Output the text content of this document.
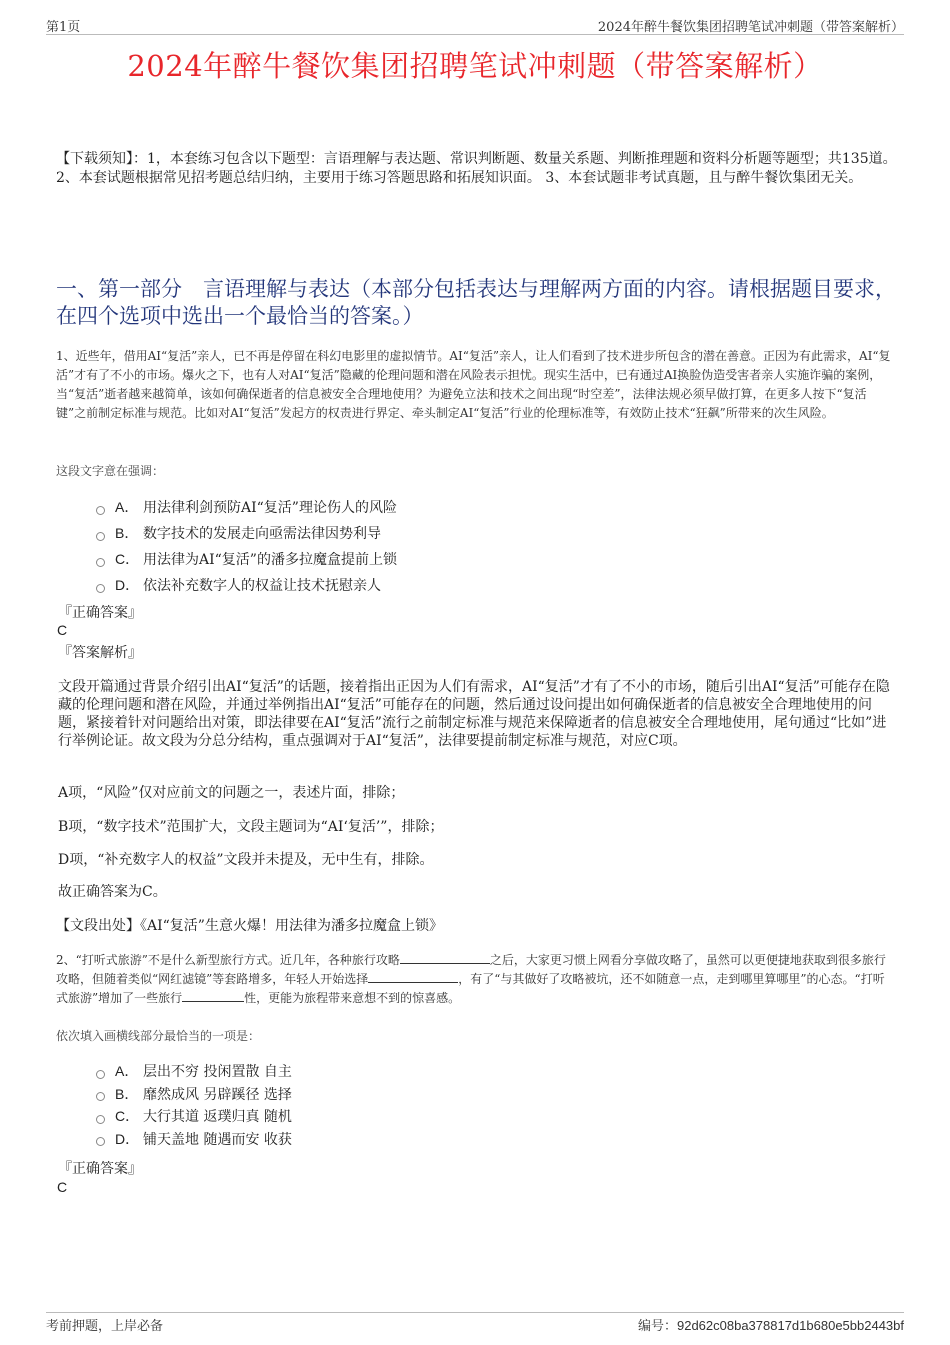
第1页	2024年醉牛餐饮集团招聘笔试冲刺题（带答案解析）
2024年醉牛餐饮集团招聘笔试冲刺题（带答案解析）
【下载须知】：1，本套练习包含以下题型：言语理解与表达题、常识判断题、数量关系题、判断推理题和资料分析题等题型；共135道。 2、本套试题根据常见招考题总结归纳，主要用于练习答题思路和拓展知识面。 3、本套试题非考试真题，且与醉牛餐饮集团无关。
一、第一部分　言语理解与表达（本部分包括表达与理解两方面的内容。请根据题目要求，在四个选项中选出一个最恰当的答案。）
1、近些年，借用AI“复活”亲人，已不再是停留在科幻电影里的虚拟情节。AI“复活”亲人，让人们看到了技术进步所包含的潜在善意。正因为有此需求，AI“复活”才有了不小的市场。爆火之下，也有人对AI“复活”隐藏的伦理问题和潜在风险表示担忧。现实生活中，已有通过AI换脸伪造受害者亲人实施诈骗的案例，当“复活”逝者越来越简单，该如何确保逝者的信息被安全合理地使用？为避免立法和技术之间出现“时空差”，法律法规必须早做打算，在更多人按下“复活键”之前制定标准与规范。比如对AI“复活”发起方的权责进行界定、牵头制定AI“复活”行业的伦理标准等，有效防止技术“狂飙”所带来的次生风险。
这段文字意在强调：
A． 用法律利剑预防AI“复活”理论伤人的风险
B． 数字技术的发展走向亟需法律因势利导
C． 用法律为AI“复活”的潘多拉魔盒提前上锁
D． 依法补充数字人的权益让技术抚慰亲人
『正确答案』
C
『答案解析』
文段开篇通过背景介绍引出AI“复活”的话题，接着指出正因为人们有需求，AI“复活”才有了不小的市场，随后引出AI“复活”可能存在隐藏的伦理问题和潜在风险，并通过举例指出AI“复活”可能存在的问题，然后通过设问提出如何确保逝者的信息被安全合理地使用的问题，紧接着针对问题给出对策，即法律要在AI“复活”流行之前制定标准与规范来保障逝者的信息被安全合理地使用，尾句通过“比如”进行举例论证。故文段为分总分结构，重点强调对于AI“复活”，法律要提前制定标准与规范，对应C项。
A项，“风险”仅对应前文的问题之一，表述片面，排除；
B项，“数字技术”范围扩大，文段主题词为“AI‘复活’”，排除；
D项，“补充数字人的权益”文段并未提及，无中生有，排除。
故正确答案为C。
【文段出处】《AI“复活”生意火爆！用法律为潘多拉魔盒上锁》
2、“打听式旅游”不是什么新型旅行方式。近几年，各种旅行攻略	之后，大家更习惯上网看分享做攻略了，虽然可以更便捷地获取到很多旅行攻略，但随着类似“网红滤镜”等套路增多，年轻人开始选择	，有了“与其做好了攻略被坑，还不如随意一点，走到哪里算哪里”的心态。“打听式旅游”增加了一些旅行	性，更能为旅程带来意想不到的惊喜感。
依次填入画横线部分最恰当的一项是：
A． 层出不穷 投闲置散 自主
B． 靡然成风 另辟蹊径 选择
C． 大行其道 返璞归真 随机
D． 铺天盖地 随遇而安 收获
『正确答案』
C
考前押题，上岸必备	编号：92d62c08ba378817d1b680e5bb2443bf
